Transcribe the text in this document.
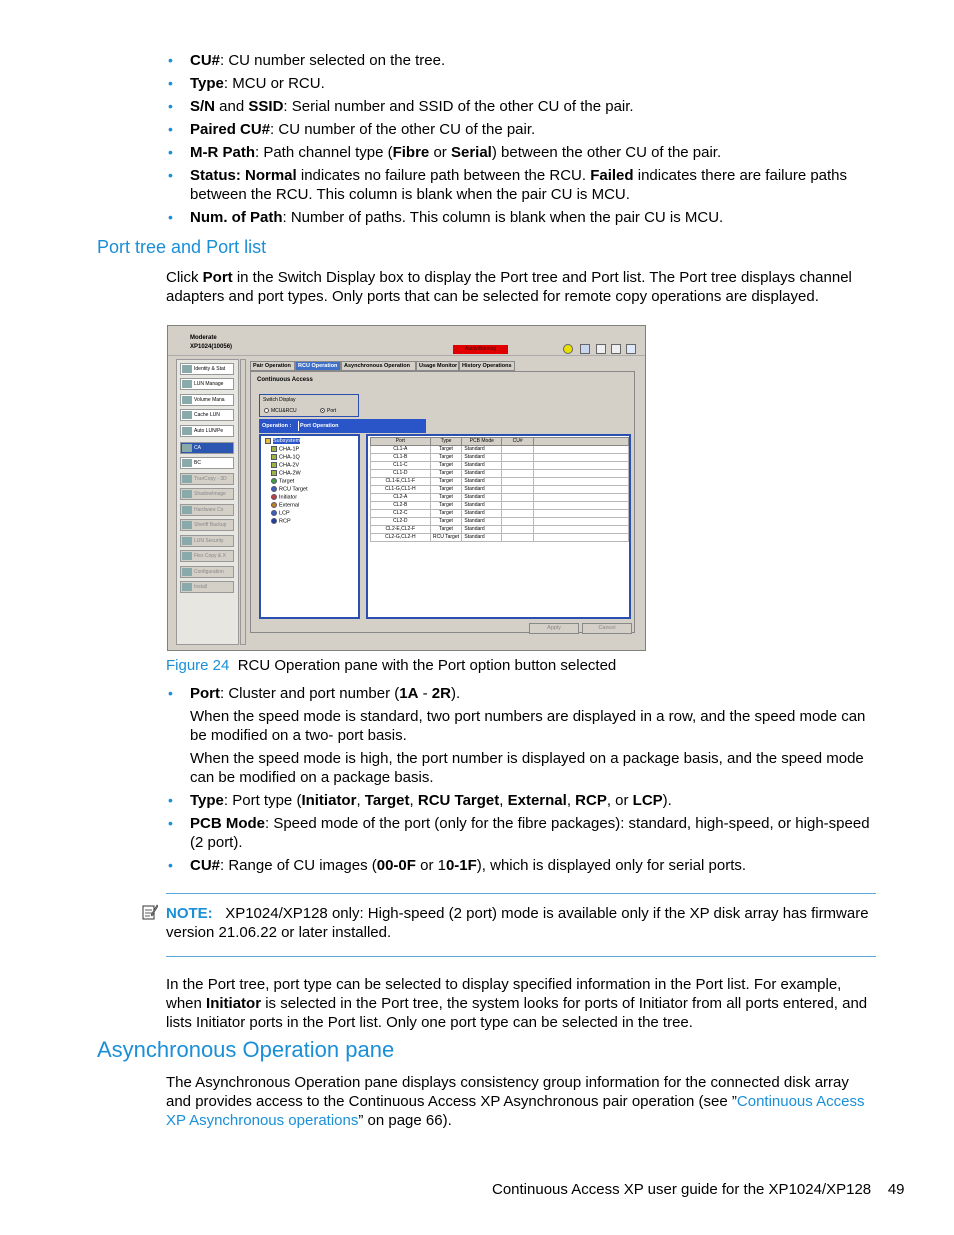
• CU#: CU number selected on the tree.
• Type: MCU or RCU.
• S/N and SSID: Serial number and SSID of the other CU of the pair.
• Paired CU#: CU number of the other CU of the pair.
• M-R Path: Path channel type (Fibre or Serial) between the other CU of the pair.
• Status: Normal indicates no failure path between the RCU. Failed indicates there are failure paths between the RCU. This column is blank when the pair CU is MCU.
• Num. of Path: Number of paths. This column is blank when the pair CU is MCU.
Port tree and Port list

Click Port in the Switch Display box to display the Port tree and Port list. The Port tree displays channel adapters and port types. Only ports that can be selected for remote copy operations are displayed.

Moderate
XP1024(10056)	Audit/Warning
Identity & Stat
LUN Manage
Volume Mana
Cache LUN
Auto LUN/Pe
CA
BC
TrueCopy - 3D
ShadowImage
Hardware Co
Sheriff Backup
LUN Security
Flex Copy & X
Configuration
Install
Pair Operation	RCU Operation	Asynchronous Operation	Usage Monitor History Operations
Continuous Access
Switch Display
MCU&RCU	Port
Operation : Port Operation
Subsystem
CHA-1P
CHA-1Q
CHA-2V
CHA-2W
Target
RCU Target
Initiator
External
LCP
RCP
Port	Type	PCB Mode	CU#	
CL1-A	Target	Standard		
CL1-B	Target	Standard		
CL1-C	Target	Standard		
CL1-D	Target	Standard		
CL1-E,CL1-F	Target	Standard		
CL1-G,CL1-H	Target	Standard		
CL2-A	Target	Standard		
CL2-B	Target	Standard		
CL2-C	Target	Standard		
CL2-D	Target	Standard		
CL2-E,CL2-F	Target	Standard		
CL2-G,CL2-H	RCU Target	Standard		
Apply	Cancel
Figure 24 RCU Operation pane with the Port option button selected

• Port: Cluster and port number (1A - 2R).

When the speed mode is standard, two port numbers are displayed in a row, and the speed mode can be modified on a two- port basis.

When the speed mode is high, the port number is displayed on a package basis, and the speed mode can be modified on a package basis.

• Type: Port type (Initiator, Target, RCU Target, External, RCP, or LCP).
• PCB Mode: Speed mode of the port (only for the fibre packages): standard, high-speed, or high-speed (2 port).
• CU#: Range of CU images (00-0F or 10-1F), which is displayed only for serial ports.

NOTE: XP1024/XP128 only: High-speed (2 port) mode is available only if the XP disk array has firmware version 21.06.22 or later installed.

In the Port tree, port type can be selected to display specified information in the Port list. For example, when Initiator is selected in the Port tree, the system looks for ports of Initiator from all ports entered, and lists Initiator ports in the Port list. Only one port type can be selected in the tree.

Asynchronous Operation pane

The Asynchronous Operation pane displays consistency group information for the connected disk array and provides access to the Continuous Access XP Asynchronous pair operation (see ”Continuous Access XP Asynchronous operations” on page 66).

Continuous Access XP user guide for the XP1024/XP128 49
